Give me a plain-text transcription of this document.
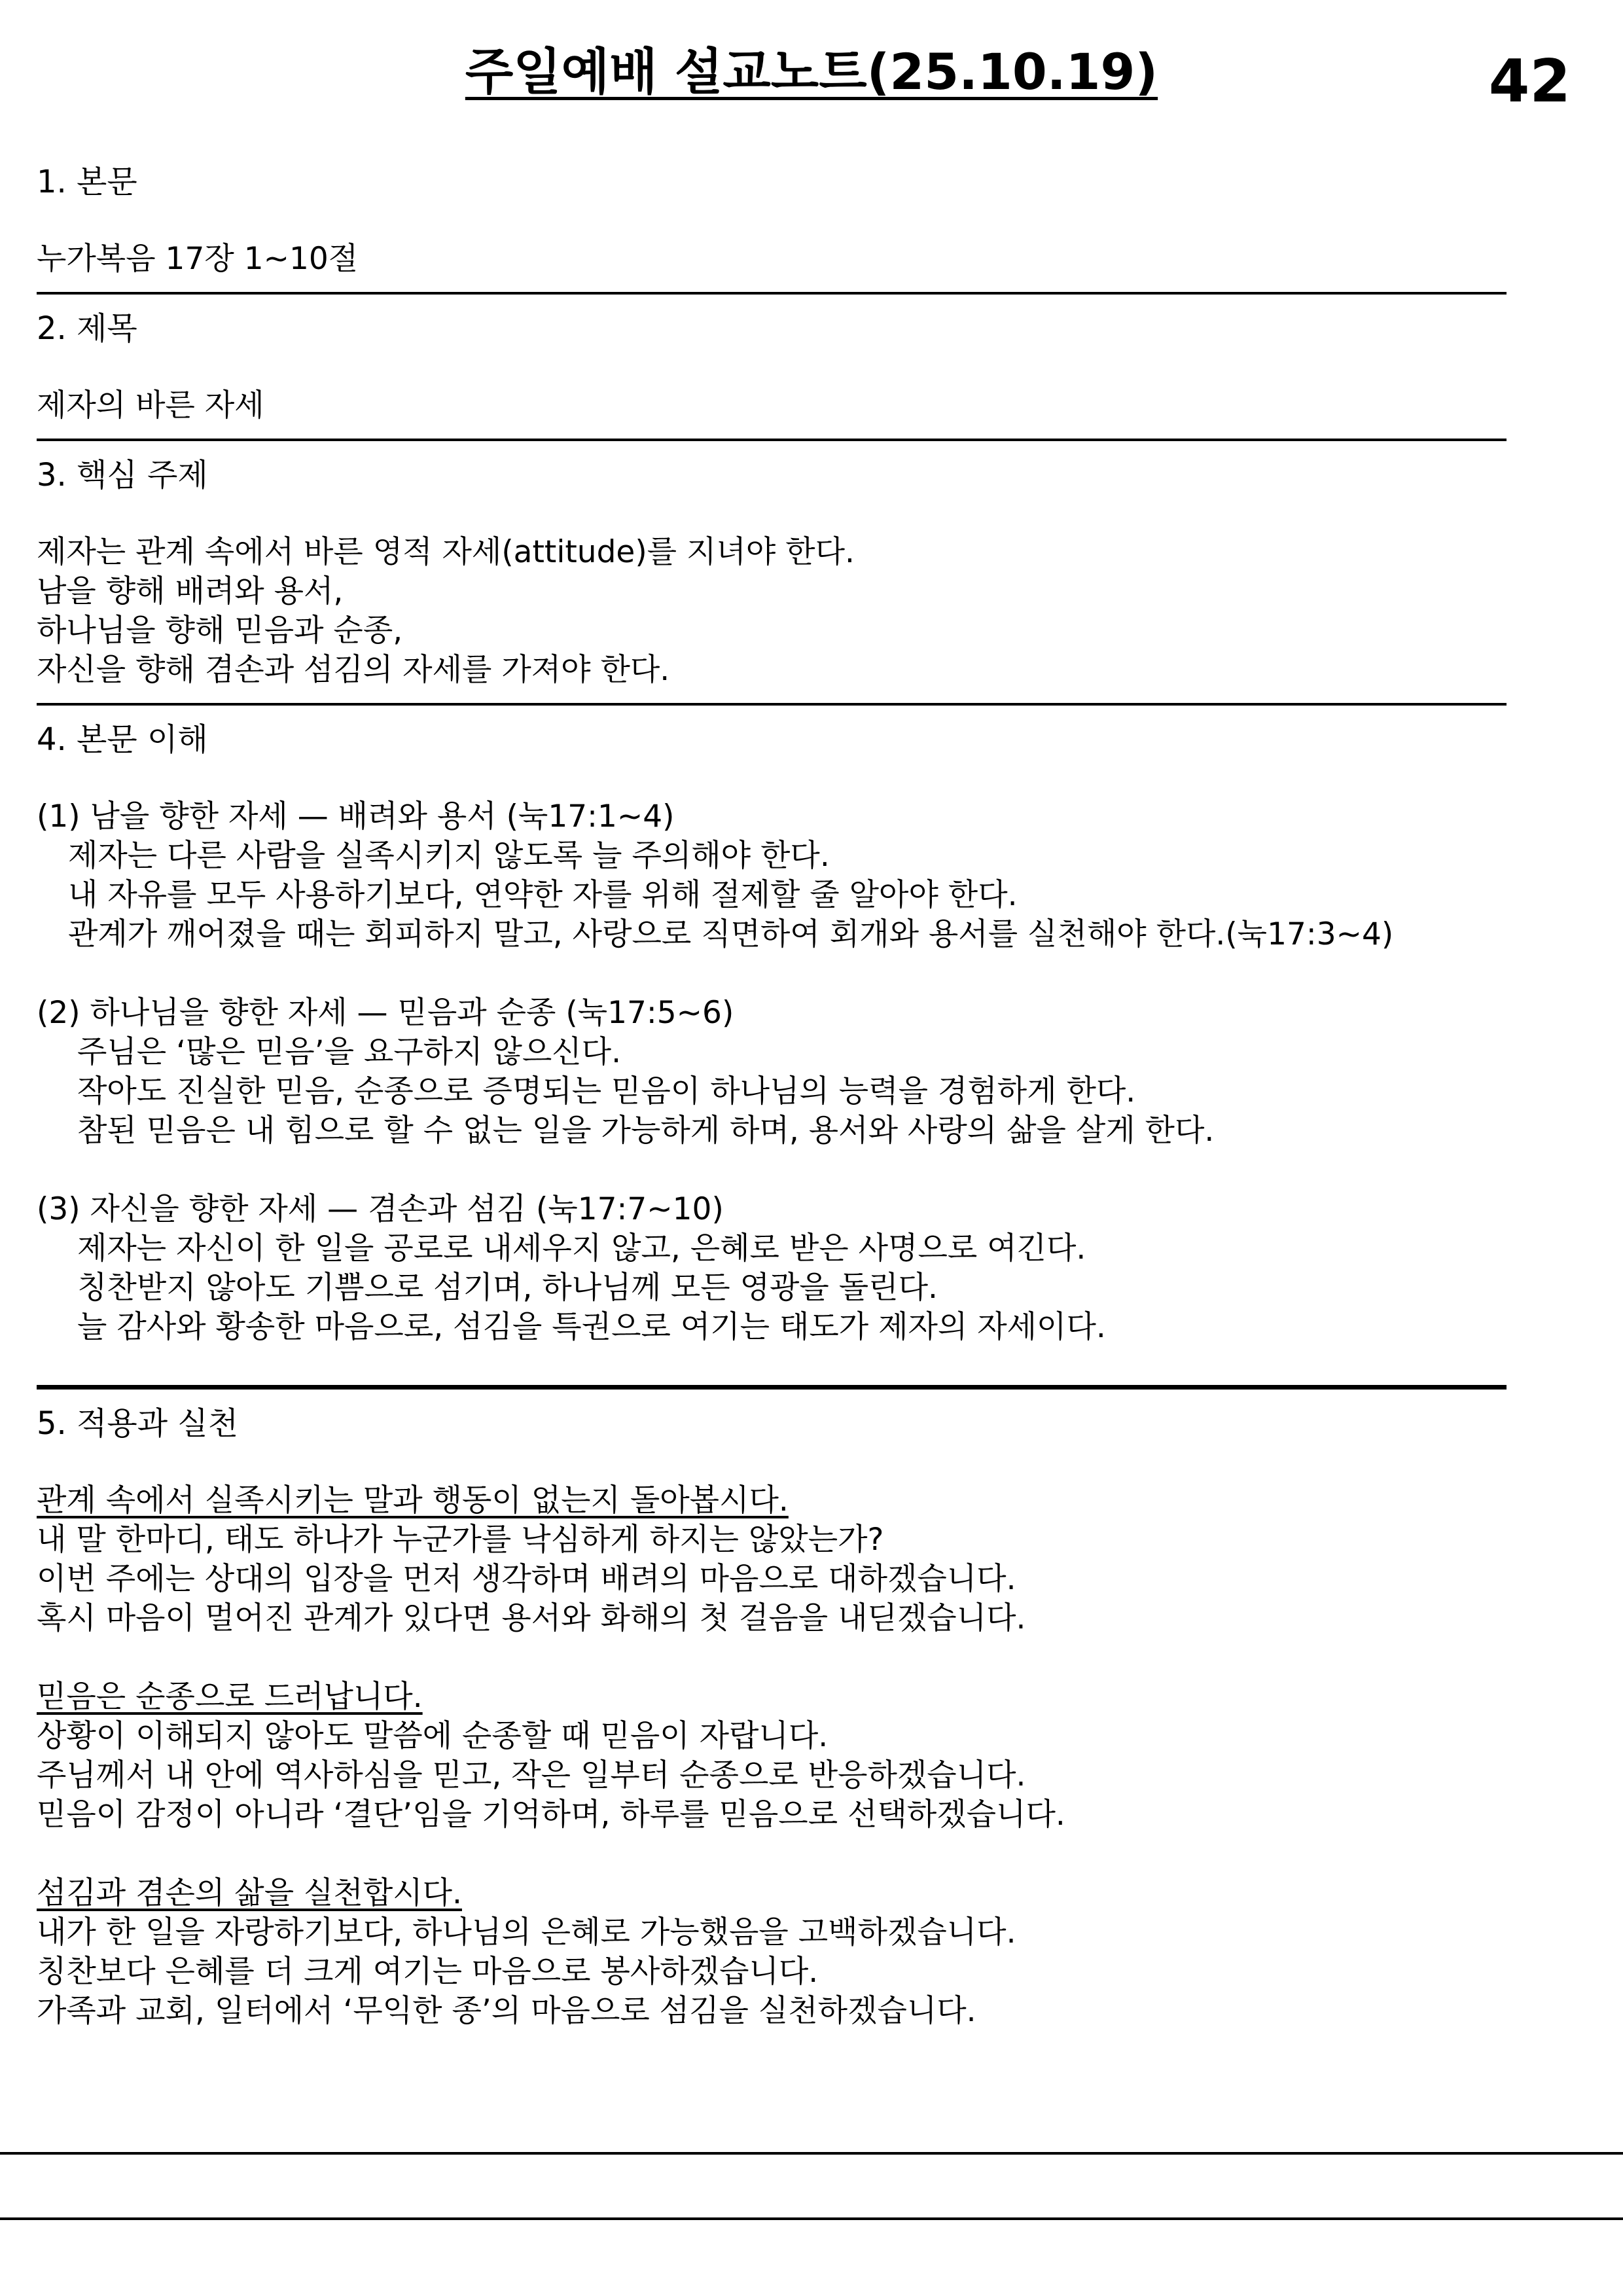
주일예배 설교노트(25.10.19)	42

1. 본문

누가복음 17장 1~10절

2. 제목

제자의 바른 자세

3. 핵심 주제

제자는 관계 속에서 바른 영적 자세(attitude)를 지녀야 한다.

남을 향해 배려와 용서,

하나님을 향해 믿음과 순종,

자신을 향해 겸손과 섬김의 자세를 가져야 한다.

4. 본문 이해

(1) 남을 향한 자세 — 배려와 용서 (눅17:1~4)

제자는 다른 사람을 실족시키지 않도록 늘 주의해야 한다.

내 자유를 모두 사용하기보다, 연약한 자를 위해 절제할 줄 알아야 한다.

관계가 깨어졌을 때는 회피하지 말고, 사랑으로 직면하여 회개와 용서를 실천해야 한다.(눅17:3~4)

(2) 하나님을 향한 자세 — 믿음과 순종 (눅17:5~6)

주님은 ‘많은 믿음’을 요구하지 않으신다.

작아도 진실한 믿음, 순종으로 증명되는 믿음이 하나님의 능력을 경험하게 한다.

참된 믿음은 내 힘으로 할 수 없는 일을 가능하게 하며, 용서와 사랑의 삶을 살게 한다.

(3) 자신을 향한 자세 — 겸손과 섬김 (눅17:7~10)

제자는 자신이 한 일을 공로로 내세우지 않고, 은혜로 받은 사명으로 여긴다.

칭찬받지 않아도 기쁨으로 섬기며, 하나님께 모든 영광을 돌린다.

늘 감사와 황송한 마음으로, 섬김을 특권으로 여기는 태도가 제자의 자세이다.

5. 적용과 실천

관계 속에서 실족시키는 말과 행동이 없는지 돌아봅시다.

내 말 한마디, 태도 하나가 누군가를 낙심하게 하지는 않았는가?

이번 주에는 상대의 입장을 먼저 생각하며 배려의 마음으로 대하겠습니다.

혹시 마음이 멀어진 관계가 있다면 용서와 화해의 첫 걸음을 내딛겠습니다.

믿음은 순종으로 드러납니다.

상황이 이해되지 않아도 말씀에 순종할 때 믿음이 자랍니다.

주님께서 내 안에 역사하심을 믿고, 작은 일부터 순종으로 반응하겠습니다.

믿음이 감정이 아니라 ‘결단’임을 기억하며, 하루를 믿음으로 선택하겠습니다.

섬김과 겸손의 삶을 실천합시다.

내가 한 일을 자랑하기보다, 하나님의 은혜로 가능했음을 고백하겠습니다.

칭찬보다 은혜를 더 크게 여기는 마음으로 봉사하겠습니다.

가족과 교회, 일터에서 ‘무익한 종’의 마음으로 섬김을 실천하겠습니다.
